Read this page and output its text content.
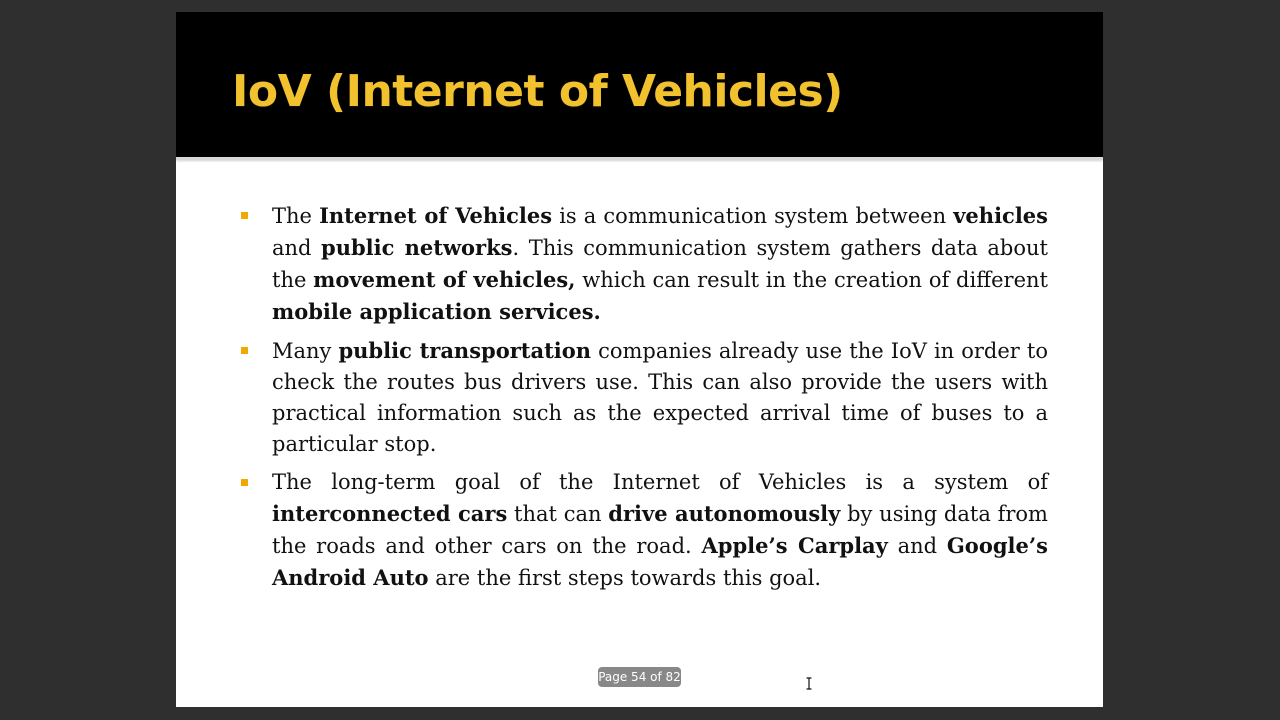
IoV (Internet of Vehicles)
The Internet of Vehicles is a communication system between vehicles and public networks. This communication system gathers data about the movement of vehicles, which can result in the creation of different mobile application services.
Many public transportation companies already use the IoV in order to check the routes bus drivers use. This can also provide the users with practical information such as the expected arrival time of buses to a particular stop.
The long-term goal of the Internet of Vehicles is a system of interconnected cars that can drive autonomously by using data from the roads and other cars on the road. Apple’s Carplay and Google’s Android Auto are the first steps towards this goal.
Page 54 of 82
